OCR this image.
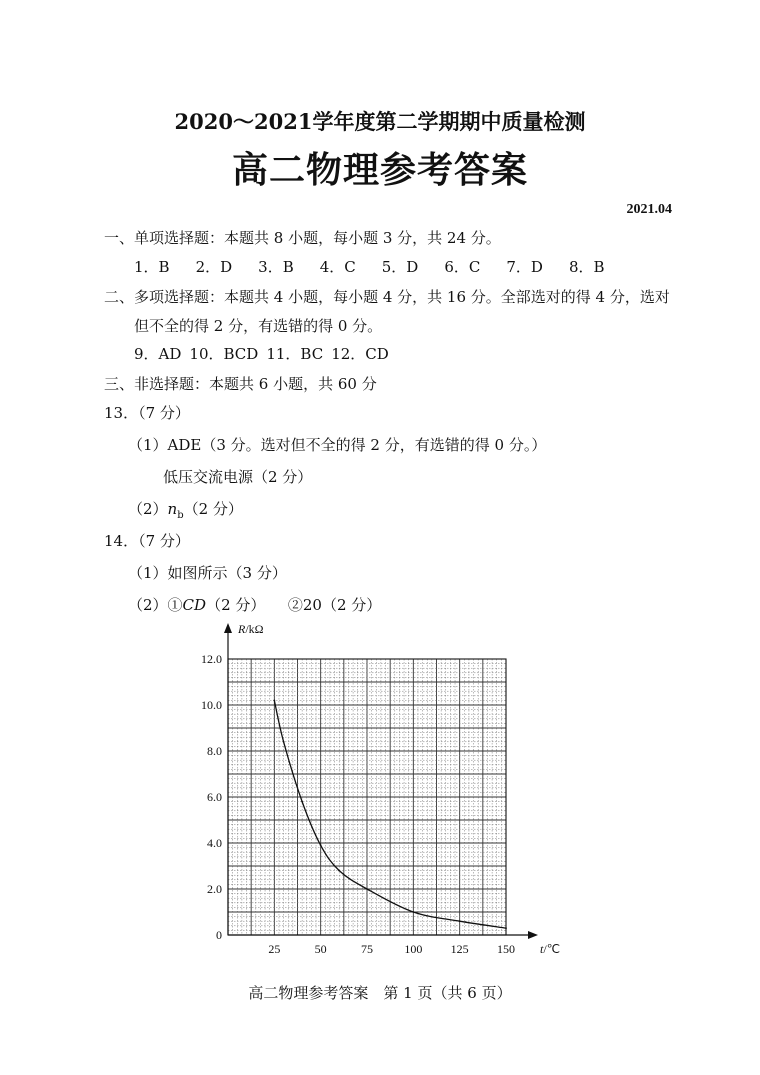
2020～2021学年度第二学期期中质量检测
高二物理参考答案
2021.04
一、单项选择题：本题共 8 小题，每小题 3 分，共 24 分。
1．B 2．D 3．B 4．C 5．D 6．C 7．D 8．B
二、多项选择题：本题共 4 小题，每小题 4 分，共 16 分。全部选对的得 4 分，选对
但不全的得 2 分，有选错的得 0 分。
9．AD 10．BCD 11．BC 12．CD
三、非选择题：本题共 6 小题，共 60 分
13．（7 分）
（1）ADE（3 分。选对但不全的得 2 分，有选错的得 0 分。）
低压交流电源（2 分）
$(2)n_b(2$ 分）
14．（7 分）
（1）如图所示（3 分）
（2）①CD（2 分）　　②20（2 分）
25	50	75	100 125 150
0
2.0
4.0
6.0
8.0
10.0
12.0
R/kΩ
t/℃
高二物理参考答案　第 1 页（共 6 页）
